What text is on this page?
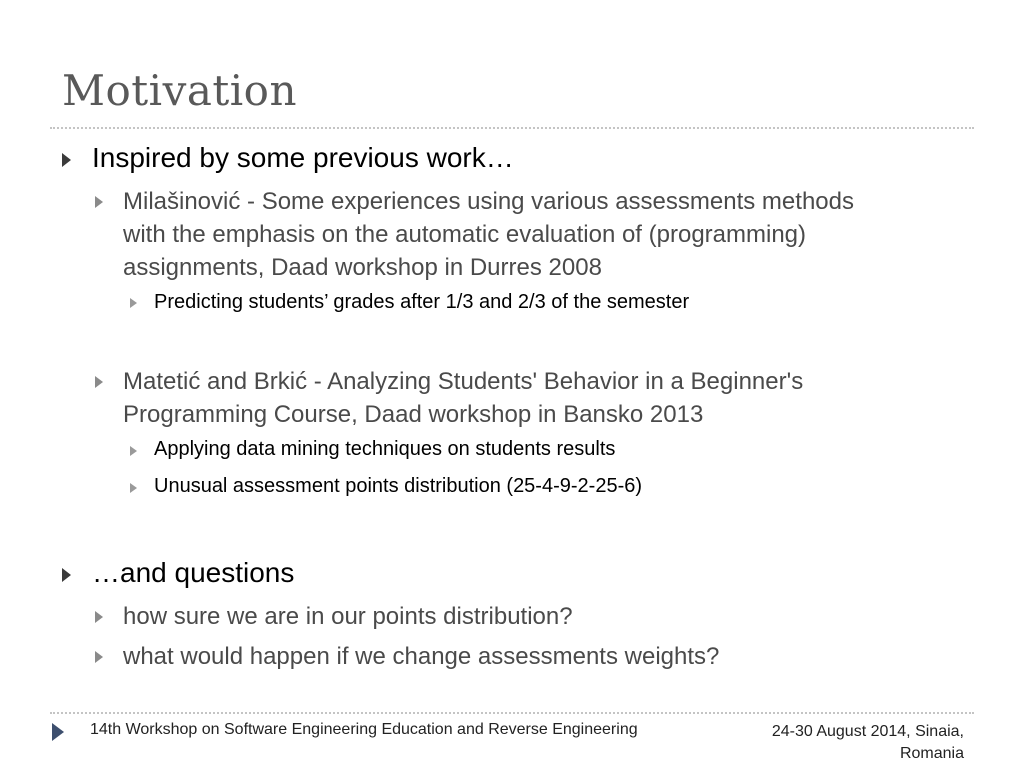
Motivation
Inspired by some previous work…
Milašinović - Some experiences using various assessments methods
with the emphasis on the automatic evaluation of (programming)
assignments, Daad workshop in Durres 2008
Predicting students’ grades after 1/3 and 2/3 of the semester
Matetić and Brkić - Analyzing Students' Behavior in a Beginner's
Programming Course, Daad workshop in Bansko 2013
Applying data mining techniques on students results
Unusual assessment points distribution (25-4-9-2-25-6)
…and questions
how sure we are in our points distribution?
what would happen if we change assessments weights?
14th Workshop on Software Engineering Education and Reverse Engineering	24-30 August 2014, Sinaia,
Romania
